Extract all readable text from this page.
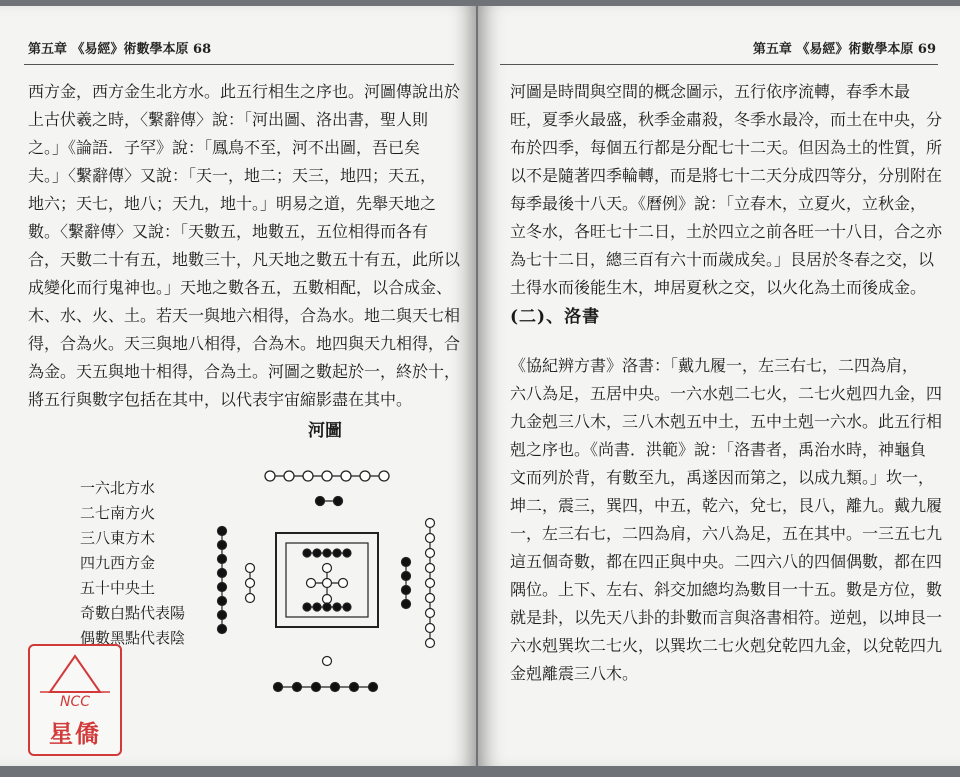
第五章 《易經》術數學本原 68

西方金，西方金生北方水。此五行相生之序也。河圖傳說出於

上古伏羲之時，〈繫辭傳〉說：「河出圖、洛出書，聖人則

之。」《論語．子罕》說：「鳳鳥不至，河不出圖，吾已矣

夫。」〈繫辭傳〉又說：「天一，地二；天三，地四；天五，

地六；天七，地八；天九，地十。」明易之道，先舉天地之

數。〈繫辭傳〉又說：「天數五，地數五，五位相得而各有

合，天數二十有五，地數三十，凡天地之數五十有五，此所以

成變化而行鬼神也。」天地之數各五，五數相配，以合成金、

木、水、火、土。若天一與地六相得，合為水。地二與天七相

得，合為火。天三與地八相得，合為木。地四與天九相得，合

為金。天五與地十相得，合為土。河圖之數起於一，終於十，

將五行與數字包括在其中，以代表宇宙縮影盡在其中。

河圖
一六北方水
二七南方火
三八東方木
四九西方金
五十中央土
奇數白點代表陽
偶數黑點代表陰
NCC
星僑
第五章 《易經》術數學本原 69

河圖是時間與空間的概念圖示，五行依序流轉，春季木最

旺，夏季火最盛，秋季金肅殺，冬季水最冷，而土在中央，分

布於四季，每個五行都是分配七十二天。但因為土的性質，所

以不是隨著四季輪轉，而是將七十二天分成四等分，分別附在

每季最後十八天。《曆例》說：「立春木，立夏火，立秋金，

立冬水，各旺七十二日，土於四立之前各旺一十八日，合之亦

為七十二日，總三百有六十而歲成矣。」艮居於冬春之交，以

土得水而後能生木，坤居夏秋之交，以火化為土而後成金。

(二)、洛書

《協紀辨方書》洛書：「戴九履一，左三右七，二四為肩，

六八為足，五居中央。一六水剋二七火，二七火剋四九金，四

九金剋三八木，三八木剋五中土，五中土剋一六水。此五行相

剋之序也。《尚書．洪範》說：「洛書者，禹治水時，神龜負

文而列於背，有數至九，禹遂因而第之，以成九類。」坎一，

坤二，震三，巽四，中五，乾六，兌七，艮八，離九。戴九履

一，左三右七，二四為肩，六八為足，五在其中。一三五七九

這五個奇數，都在四正與中央。二四六八的四個偶數，都在四

隅位。上下、左右、斜交加總均為數目一十五。數是方位，數

就是卦，以先天八卦的卦數而言與洛書相符。逆剋，以坤艮一

六水剋巽坎二七火，以巽坎二七火剋兌乾四九金，以兌乾四九

金剋離震三八木。
